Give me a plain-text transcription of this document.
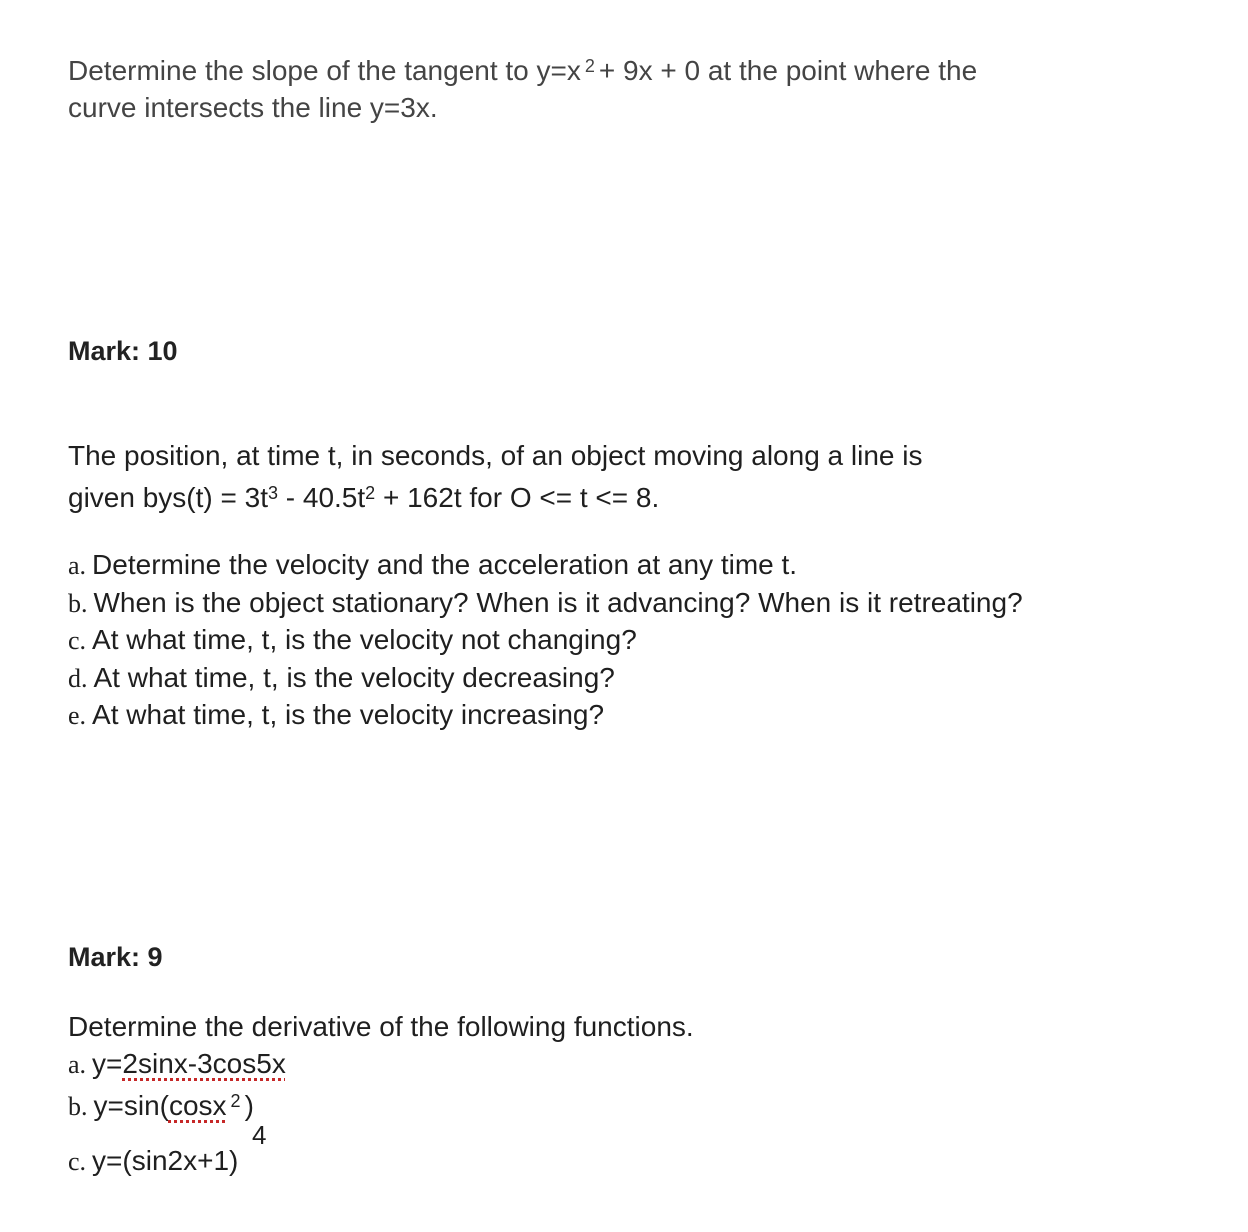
Determine the slope of the tangent to y=x $^2$ + 9x + 0 at the point where the

curve intersects the line y=3x.

Mark: 10

The position, at time t, in seconds, of an object moving along a line is

given $bys(t) = 3t^3 - 40.5t^2 + 162t$ for O <= t <= 8.

a. Determine the velocity and the acceleration at any time t.
b. When is the object stationary? When is it advancing? When is it retreating?
c. At what time, t, is the velocity not changing?
d. At what time, t, is the velocity decreasing?
e. At what time, t, is the velocity increasing?
Mark: 9

Determine the derivative of the following functions.

a. y=2sinx-3cos5x
b. y=sin(cosx $^2$ )
4
c. y=(sin2x+1)
